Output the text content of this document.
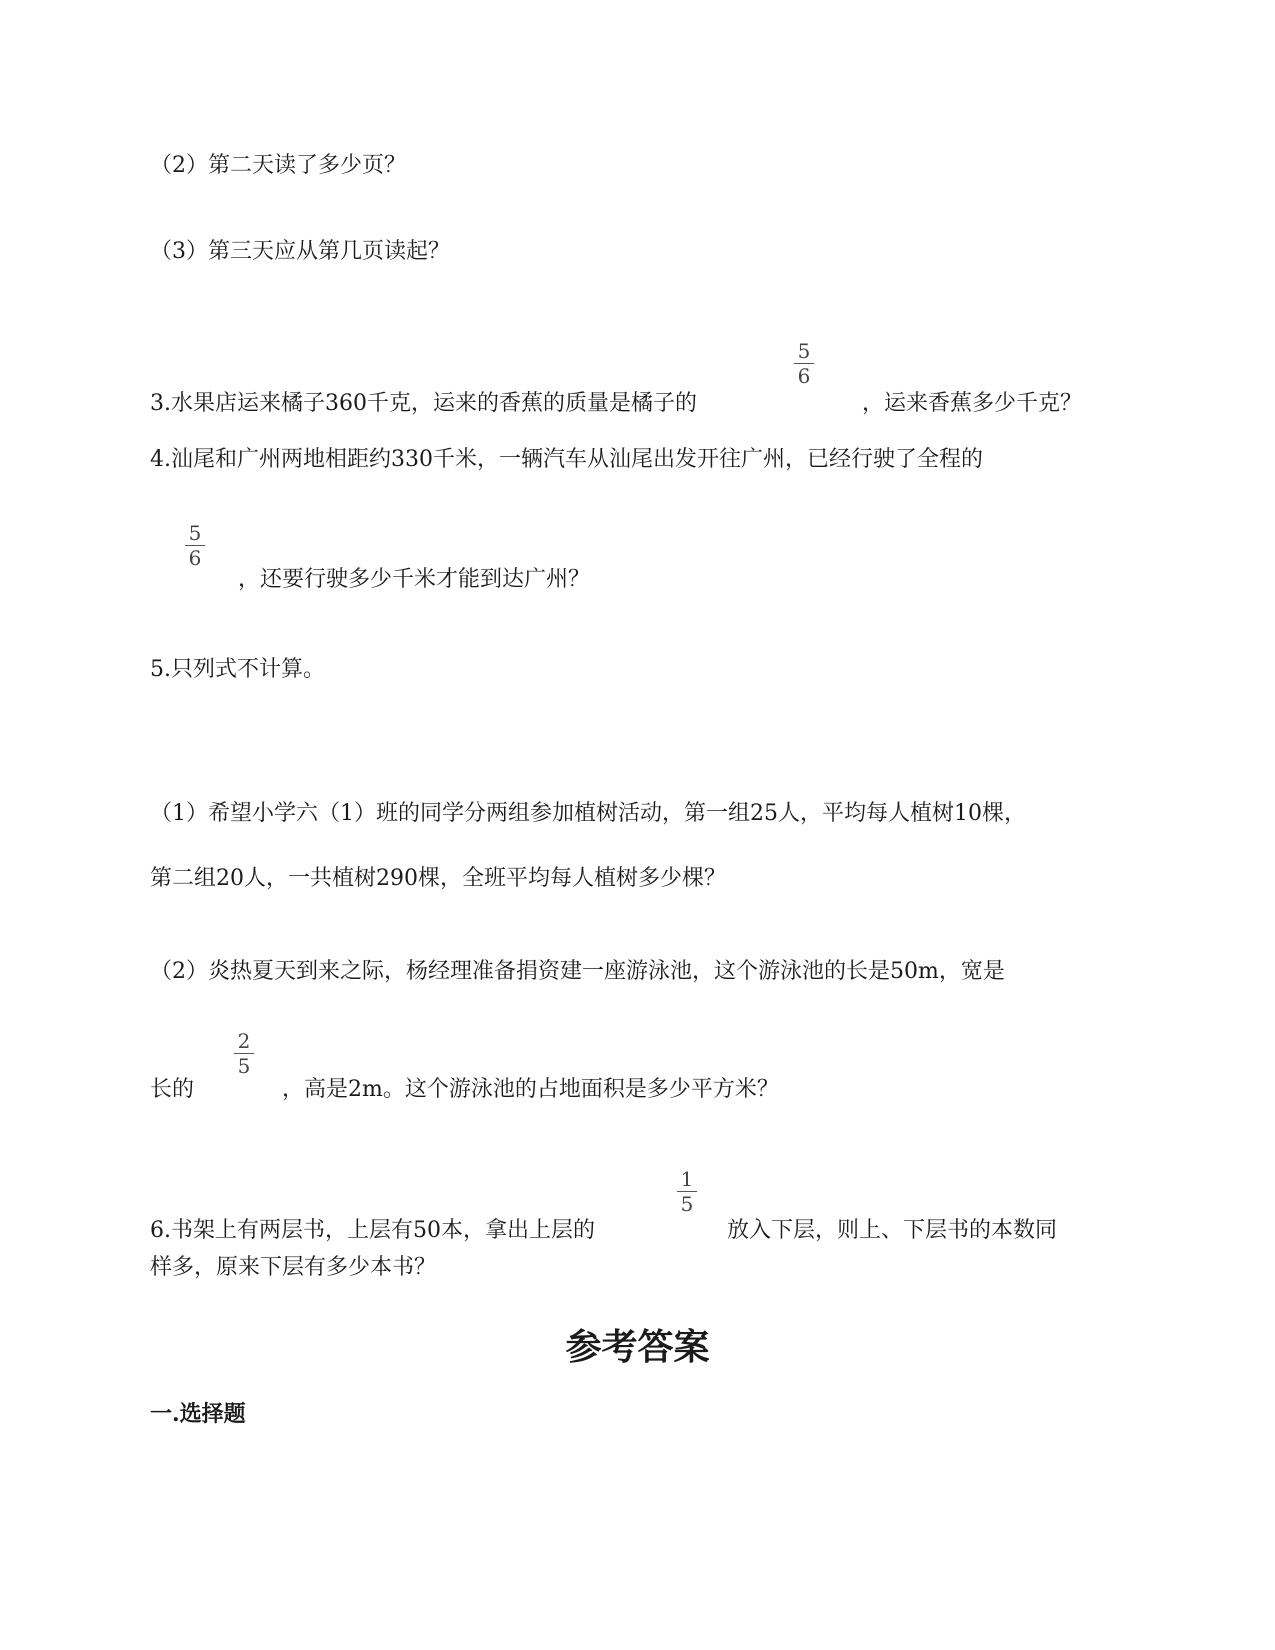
（2）第二天读了多少页？
（3）第三天应从第几页读起？
3.水果店运来橘子360千克，运来的香蕉的质量是橘子的
5
6
，运来香蕉多少千克？
4.汕尾和广州两地相距约330千米，一辆汽车从汕尾出发开往广州，已经行驶了全程的
5
6
，还要行驶多少千米才能到达广州？
5.只列式不计算。
（1）希望小学六（1）班的同学分两组参加植树活动，第一组25人，平均每人植树10棵，
第二组20人，一共植树290棵，全班平均每人植树多少棵？
（2）炎热夏天到来之际，杨经理准备捐资建一座游泳池，这个游泳池的长是50m，宽是
长的
2
5
，高是2m。这个游泳池的占地面积是多少平方米？
6.书架上有两层书，上层有50本，拿出上层的
1
5
放入下层，则上、下层书的本数同
样多，原来下层有多少本书？
参考答案
一.选择题
